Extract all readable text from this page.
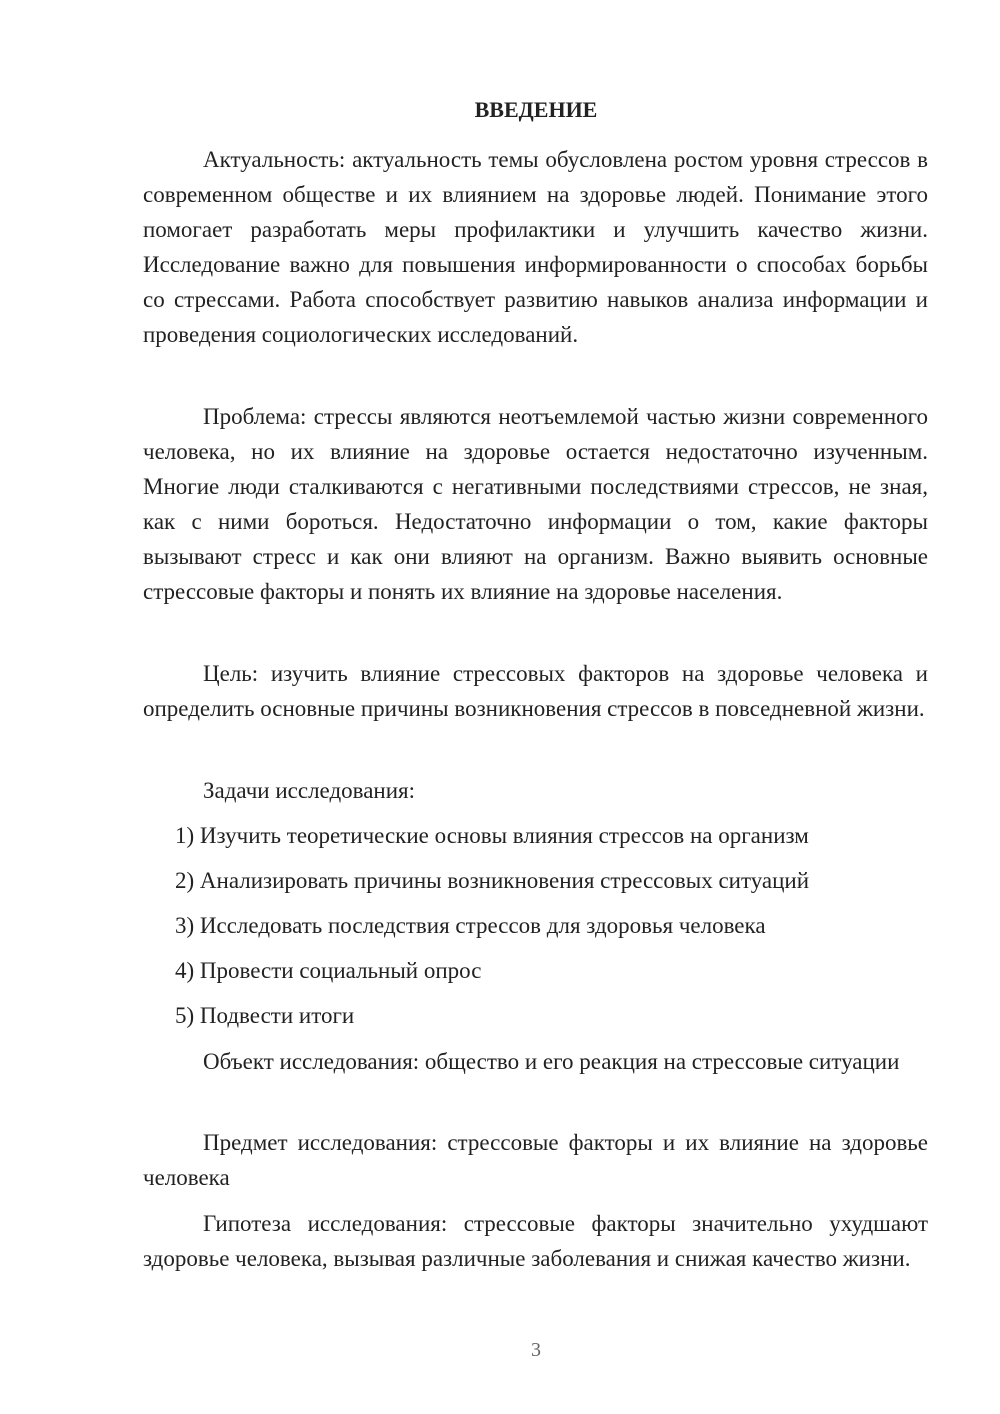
ВВЕДЕНИЕ

Актуальность: актуальность темы обусловлена ростом уровня стрессов в современном обществе и их влиянием на здоровье людей. Понимание этого помогает разработать меры профилактики и улучшить качество жизни. Исследование важно для повышения информированности о способах борьбы со стрессами. Работа способствует развитию навыков анализа информации и проведения социологических исследований.

Проблема: стрессы являются неотъемлемой частью жизни современного человека, но их влияние на здоровье остается недостаточно изученным. Многие люди сталкиваются с негативными последствиями стрессов, не зная, как с ними бороться. Недостаточно информации о том, какие факторы вызывают стресс и как они влияют на организм. Важно выявить основные стрессовые факторы и понять их влияние на здоровье населения.

Цель: изучить влияние стрессовых факторов на здоровье человека и определить основные причины возникновения стрессов в повседневной жизни.

Задачи исследования:

1) Изучить теоретические основы влияния стрессов на организм

2) Анализировать причины возникновения стрессовых ситуаций

3) Исследовать последствия стрессов для здоровья человека

4) Провести социальный опрос

5) Подвести итоги

Объект исследования: общество и его реакция на стрессовые ситуации

Предмет исследования: стрессовые факторы и их влияние на здоровье человека

Гипотеза исследования: стрессовые факторы значительно ухудшают здоровье человека, вызывая различные заболевания и снижая качество жизни.

3
